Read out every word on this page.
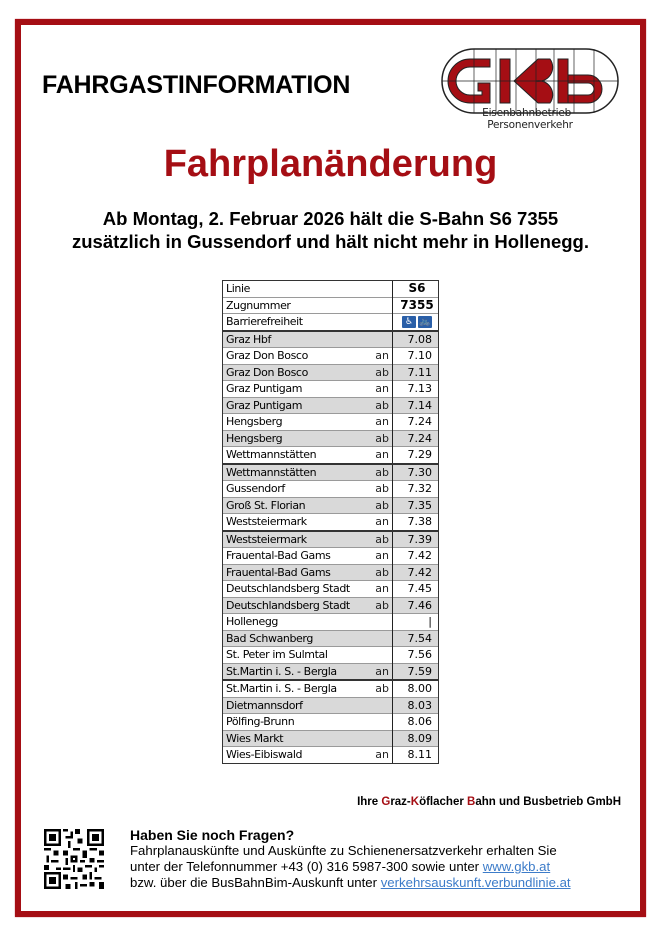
FAHRGASTINFORMATION
Eisenbahnbetrieb - Personenverkehr
Fahrplanänderung
Ab Montag, 2. Februar 2026 hält die S-Bahn S6 7355
zusätzlich in Gussendorf und hält nicht mehr in Hollenegg.
Linie		S6
Zugnummer		7355
Barrierefreiheit		♿ 🚲

Graz Hbf		7.08
Graz Don Bosco	an	7.10
Graz Don Bosco	ab	7.11
Graz Puntigam	an	7.13
Graz Puntigam	ab	7.14
Hengsberg	an	7.24
Hengsberg	ab	7.24
Wettmannstätten	an	7.29
Wettmannstätten	ab	7.30
Gussendorf	ab	7.32
Groß St. Florian	ab	7.35
Weststeiermark	an	7.38
Weststeiermark	ab	7.39
Frauental-Bad Gams	an	7.42
Frauental-Bad Gams	ab	7.42
Deutschlandsberg Stadt	an	7.45
Deutschlandsberg Stadt	ab	7.46
Hollenegg		|
Bad Schwanberg		7.54
St. Peter im Sulmtal		7.56
St.Martin i. S. - Bergla	an	7.59
St.Martin i. S. - Bergla	ab	8.00
Dietmannsdorf		8.03
Pölfing-Brunn		8.06
Wies Markt		8.09
Wies-Eibiswald	an	8.11
Ihre Graz-Köflacher Bahn und Busbetrieb GmbH
Haben Sie noch Fragen?
Fahrplanauskünfte und Auskünfte zu Schienenersatzverkehr erhalten Sie
unter der Telefonnummer +43 (0) 316 5987-300 sowie unter www.gkb.at
bzw. über die BusBahnBim-Auskunft unter verkehrsauskunft.verbundlinie.at
